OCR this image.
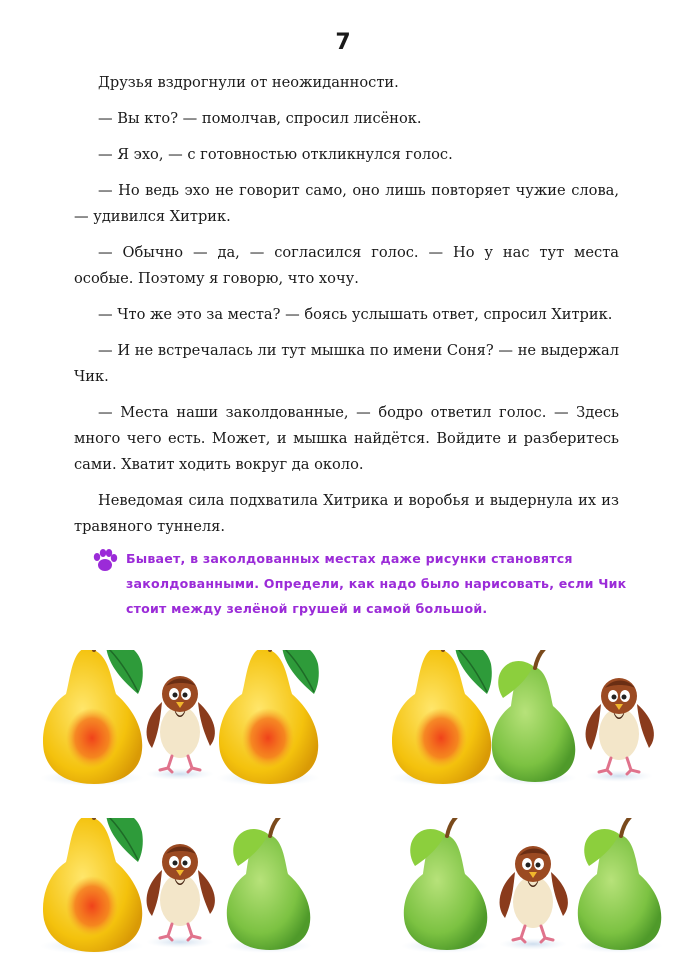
7

Друзья вздрогнули от неожиданности.

— Вы кто? — помолчав, спросил лисёнок.

— Я эхо, — с готовностью откликнулся голос.

— Но ведь эхо не говорит само, оно лишь повторяет чужие слова, — удивился Хитрик.

— Обычно — да, — согласился голос. — Но у нас тут места особые. Поэтому я говорю, что хочу.

— Что же это за места? — боясь услышать ответ, спросил Хитрик.

— И не встречалась ли тут мышка по имени Соня? — не выдержал Чик.

— Места наши заколдованные, — бодро ответил голос. — Здесь много чего есть. Может, и мышка найдётся. Войдите и разберитесь сами. Хватит ходить вокруг да около.

Неведомая сила подхватила Хитрика и воробья и выдернула их из травяного туннеля.

Бывает, в заколдованных местах даже рисунки становятся заколдованными. Определи, как надо было нарисовать, если Чик стоит между зелёной грушей и самой большой.
